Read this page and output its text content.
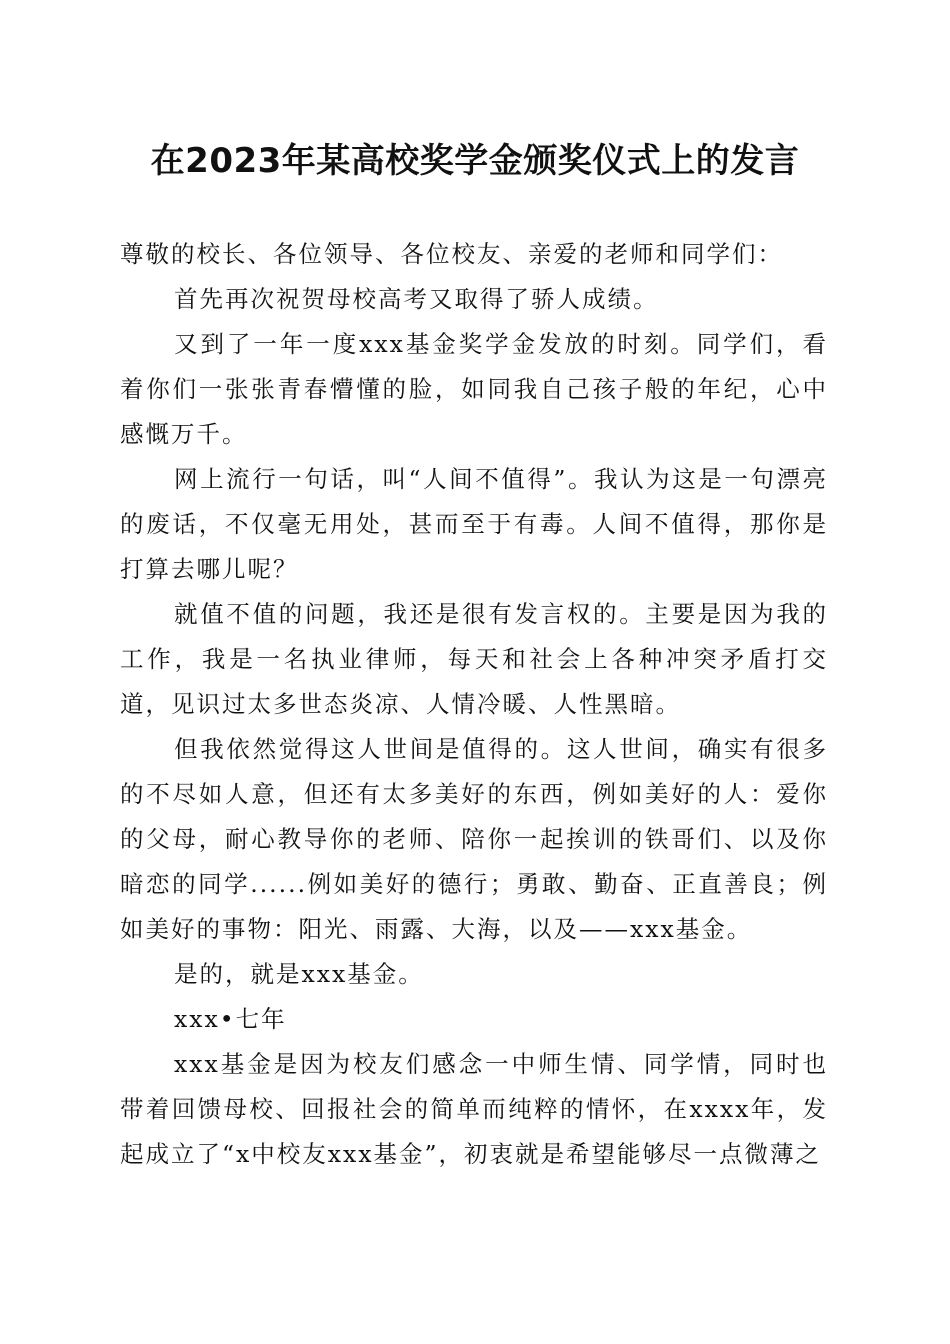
在2023年某高校奖学金颁奖仪式上的发言

尊敬的校长、各位领导、各位校友、亲爱的老师和同学们：

首先再次祝贺母校高考又取得了骄人成绩。

又到了一年一度xxx基金奖学金发放的时刻。同学们，看着你们一张张青春懵懂的脸，如同我自己孩子般的年纪，心中感慨万千。

网上流行一句话，叫“人间不值得”。我认为这是一句漂亮的废话，不仅毫无用处，甚而至于有毒。人间不值得，那你是打算去哪儿呢？

就值不值的问题，我还是很有发言权的。主要是因为我的工作，我是一名执业律师，每天和社会上各种冲突矛盾打交道，见识过太多世态炎凉、人情冷暖、人性黑暗。

但我依然觉得这人世间是值得的。这人世间，确实有很多的不尽如人意，但还有太多美好的东西，例如美好的人：爱你的父母，耐心教导你的老师、陪你一起挨训的铁哥们、以及你暗恋的同学......例如美好的德行；勇敢、勤奋、正直善良；例如美好的事物：阳光、雨露、大海，以及——xxx基金。

是的，就是xxx基金。

xxx•七年

xxx基金是因为校友们感念一中师生情、同学情，同时也带着回馈母校、回报社会的简单而纯粹的情怀，在xxxx年，发起成立了“x中校友xxx基金”，初衷就是希望能够尽一点微薄之
